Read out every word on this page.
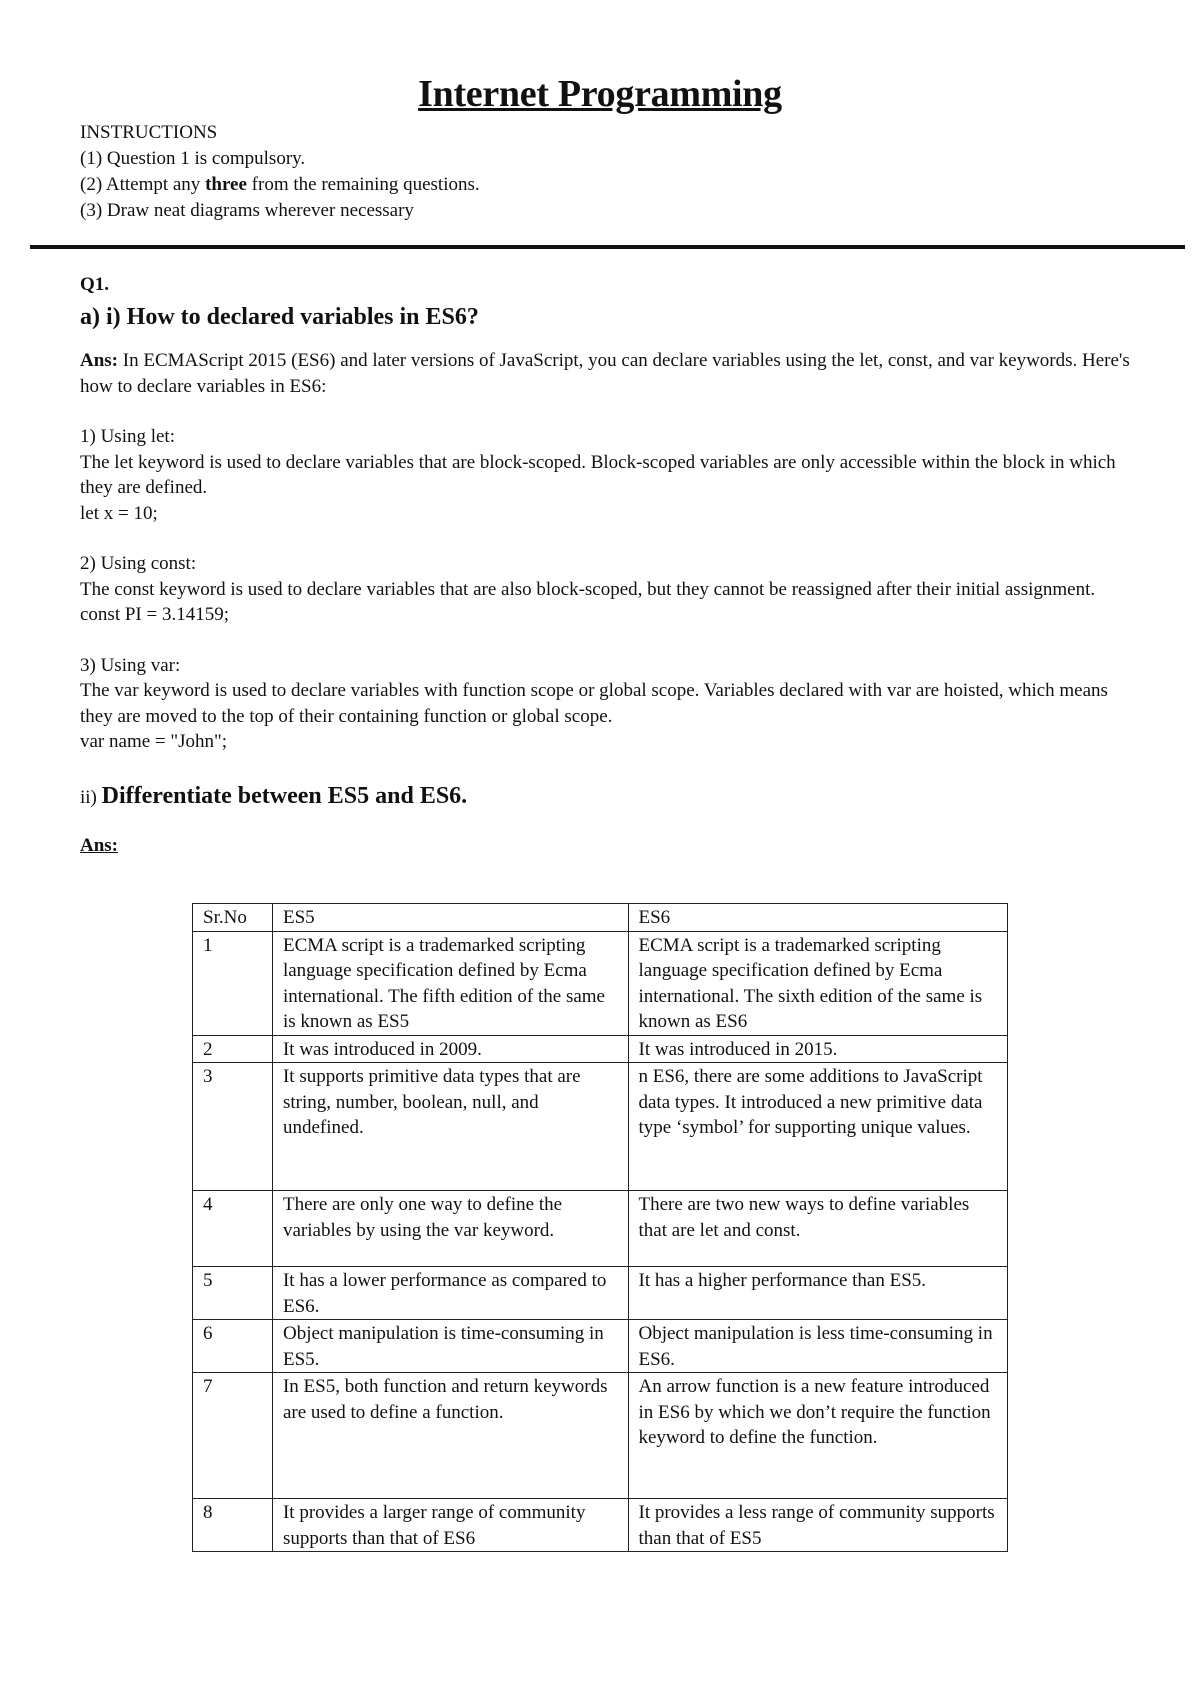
Internet Programming
INSTRUCTIONS
(1) Question 1 is compulsory.
(2) Attempt any three from the remaining questions.
(3) Draw neat diagrams wherever necessary
Q1.
a) i) How to declared variables in ES6?
Ans: In ECMAScript 2015 (ES6) and later versions of JavaScript, you can declare variables using the let, const, and var keywords. Here's how to declare variables in ES6:
1) Using let:
The let keyword is used to declare variables that are block-scoped. Block-scoped variables are only accessible within the block in which they are defined.
let x = 10;
2) Using const:
The const keyword is used to declare variables that are also block-scoped, but they cannot be reassigned after their initial assignment.
const PI = 3.14159;
3) Using var:
The var keyword is used to declare variables with function scope or global scope. Variables declared with var are hoisted, which means they are moved to the top of their containing function or global scope.
var name = "John";
ii) Differentiate between ES5 and ES6.
Ans:
Sr.No	ES5	ES6
1	ECMA script is a trademarked scripting language specification defined by Ecma international. The fifth edition of the same is known as ES5	ECMA script is a trademarked scripting language specification defined by Ecma international. The sixth edition of the same is known as ES6
2	It was introduced in 2009.	It was introduced in 2015.
3	It supports primitive data types that are string, number, boolean, null, and undefined.	n ES6, there are some additions to JavaScript data types. It introduced a new primitive data type ‘symbol’ for supporting unique values.
4	There are only one way to define the variables by using the var keyword.	There are two new ways to define variables that are let and const.
5	It has a lower performance as compared to ES6.	It has a higher performance than ES5.
6	Object manipulation is time-consuming in ES5.	Object manipulation is less time-consuming in ES6.
7	In ES5, both function and return keywords are used to define a function.	An arrow function is a new feature introduced in ES6 by which we don’t require the function keyword to define the function.
8	It provides a larger range of community supports than that of ES6	It provides a less range of community supports than that of ES5
